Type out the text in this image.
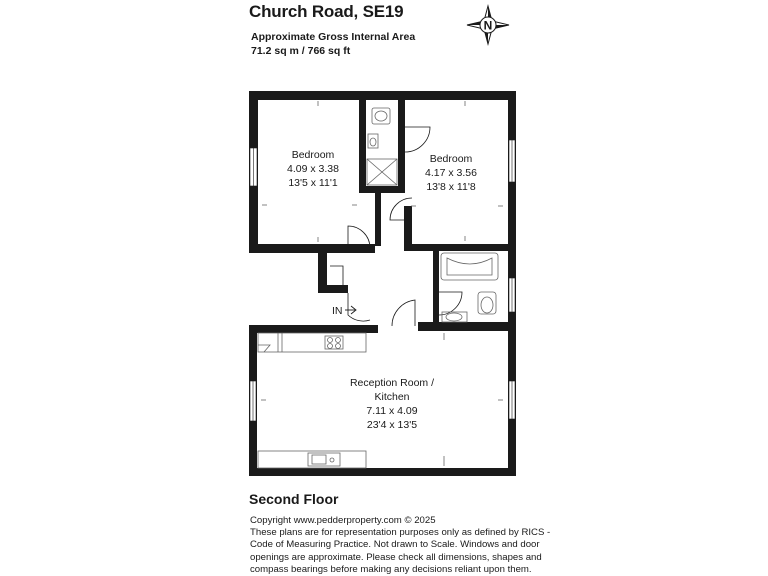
Church Road, SE19
Approximate Gross Internal Area
71.2 sq m / 766 sq ft
N
Bedroom
4.09 x 3.38
13'5 x 11'1
Bedroom
4.17 x 3.56
13'8 x 11'8
Reception Room /
Kitchen
7.11 x 4.09
23'4 x 13'5
IN
Second Floor
Copyright www.pedderproperty.com © 2025
These plans are for representation purposes only as defined by RICS -
Code of Measuring Practice. Not drawn to Scale. Windows and door
openings are approximate. Please check all dimensions, shapes and
compass bearings before making any decisions reliant upon them.
